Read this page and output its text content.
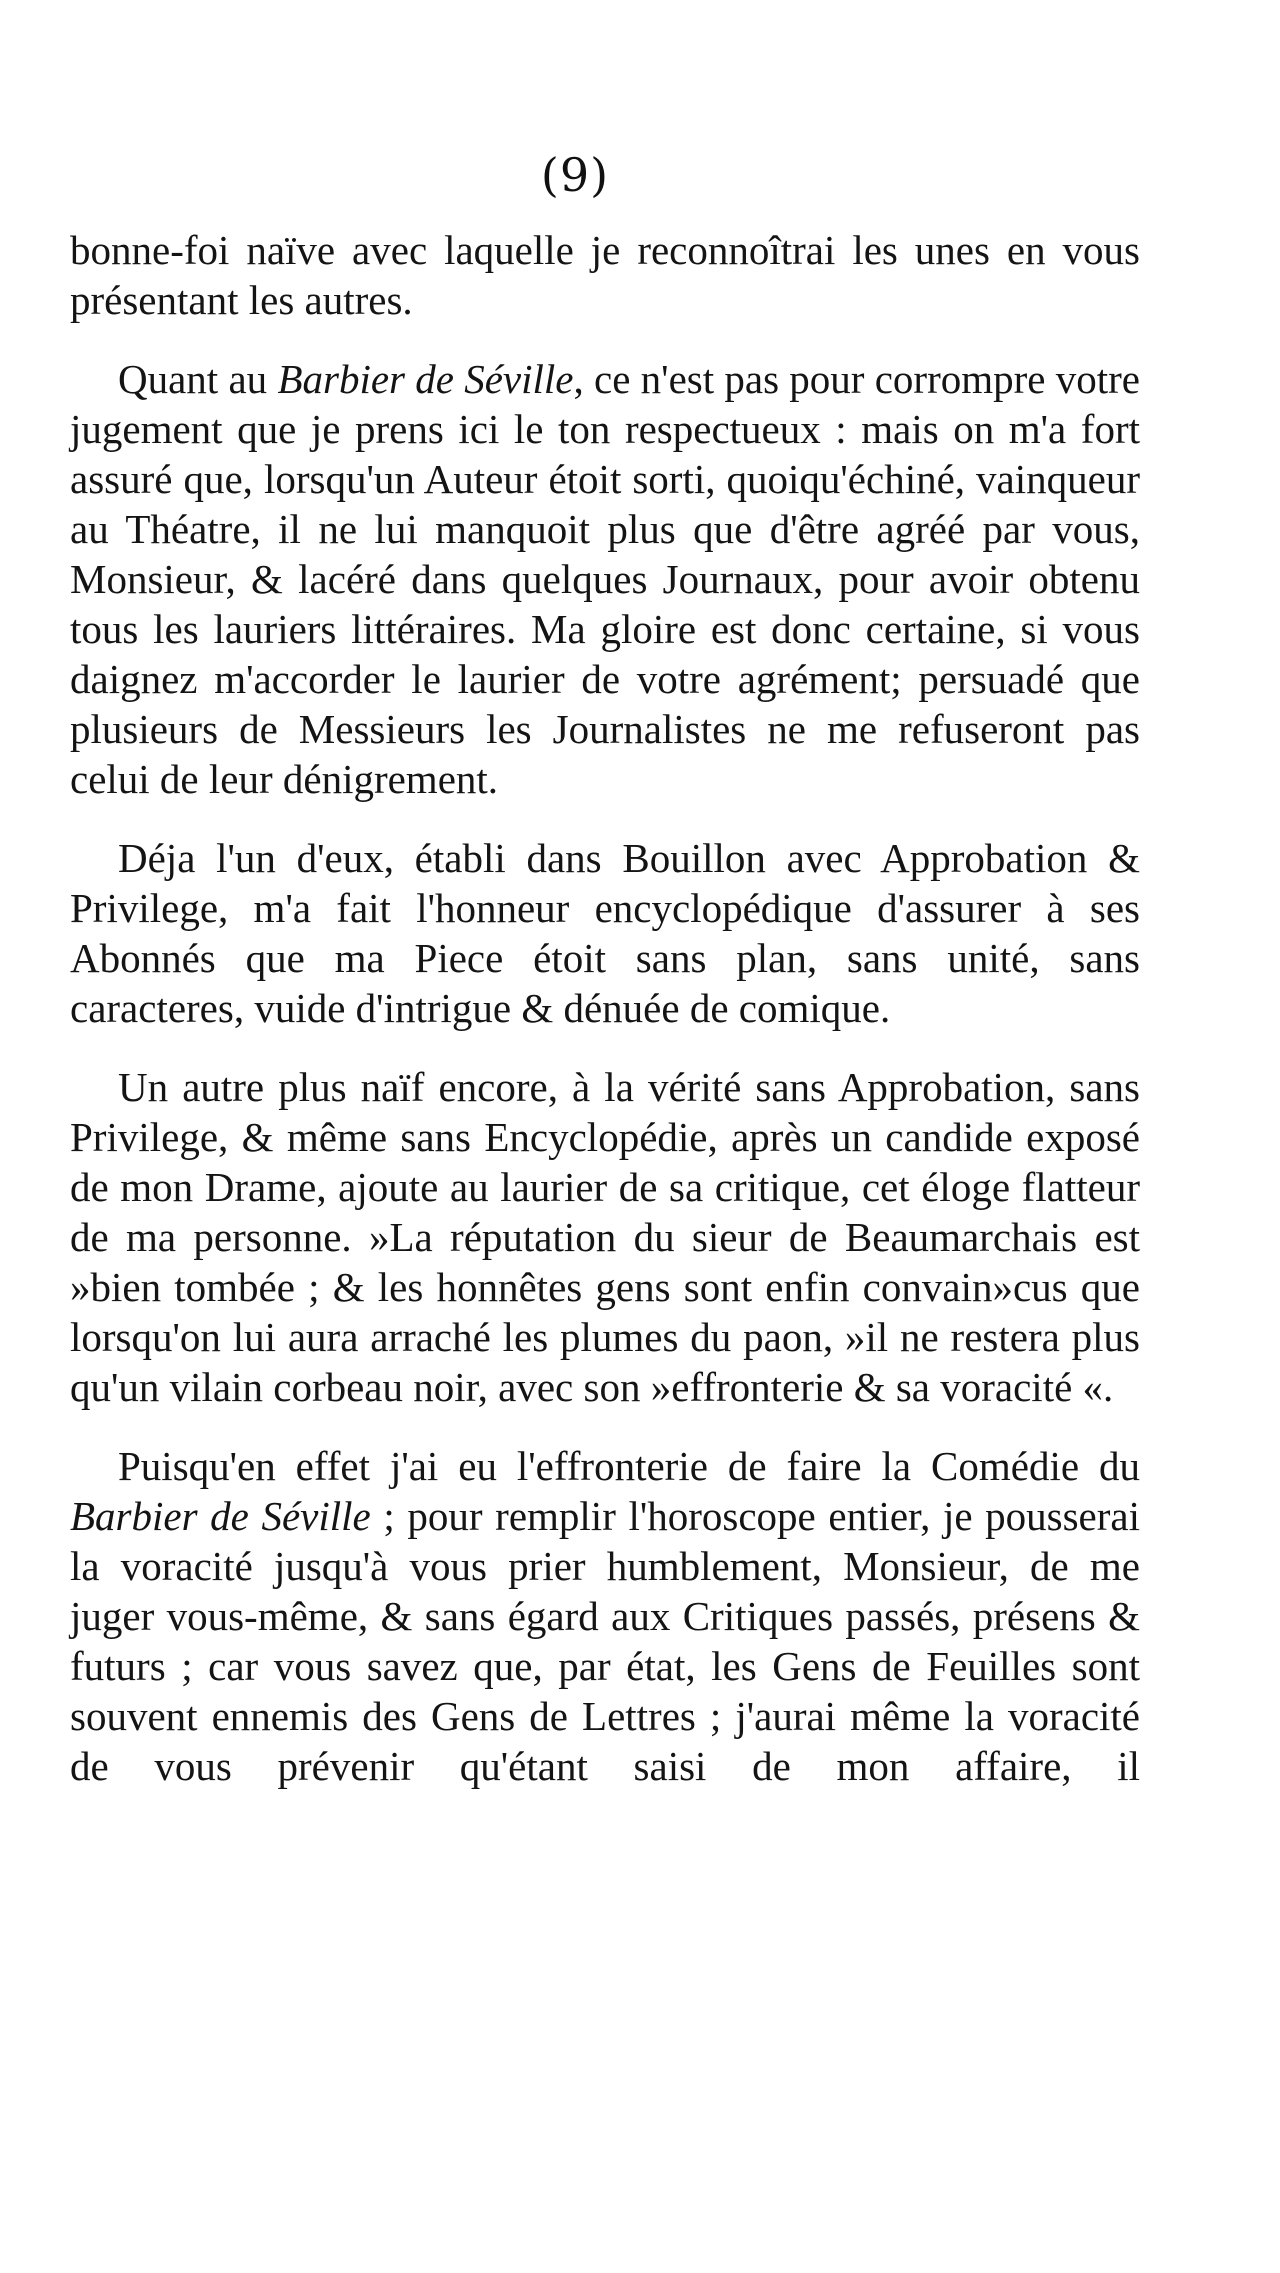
(9)

bonne-foi naïve avec laquelle je reconnoîtrai les unes en vous présentant les autres.

Quant au Barbier de Séville, ce n'est pas pour corrompre votre jugement que je prens ici le ton respectueux : mais on m'a fort assuré que, lorsqu'un Auteur étoit sorti, quoiqu'échiné, vainqueur au Théatre, il ne lui manquoit plus que d'être agréé par vous, Monsieur, & lacéré dans quelques Journaux, pour avoir obtenu tous les lauriers littéraires. Ma gloire est donc certaine, si vous daignez m'accorder le laurier de votre agrément; persuadé que plusieurs de Messieurs les Journalistes ne me refuseront pas celui de leur dénigrement.

Déja l'un d'eux, établi dans Bouillon avec Approbation & Privilege, m'a fait l'honneur encyclopédique d'assurer à ses Abonnés que ma Piece étoit sans plan, sans unité, sans caracteres, vuide d'intrigue & dénuée de comique.

Un autre plus naïf encore, à la vérité sans Approbation, sans Privilege, & même sans Encyclopédie, après un candide exposé de mon Drame, ajoute au laurier de sa critique, cet éloge flatteur de ma personne. »La réputation du sieur de Beaumarchais est »bien tombée ; & les honnêtes gens sont enfin convain»cus que lorsqu'on lui aura arraché les plumes du paon, »il ne restera plus qu'un vilain corbeau noir, avec son »effronterie & sa voracité «.

Puisqu'en effet j'ai eu l'effronterie de faire la Comédie du Barbier de Séville ; pour remplir l'horoscope entier, je pousserai la voracité jusqu'à vous prier humblement, Monsieur, de me juger vous-même, & sans égard aux Critiques passés, présens & futurs ; car vous savez que, par état, les Gens de Feuilles sont souvent ennemis des Gens de Lettres ; j'aurai même la voracité de vous prévenir qu'étant saisi de mon affaire, il
